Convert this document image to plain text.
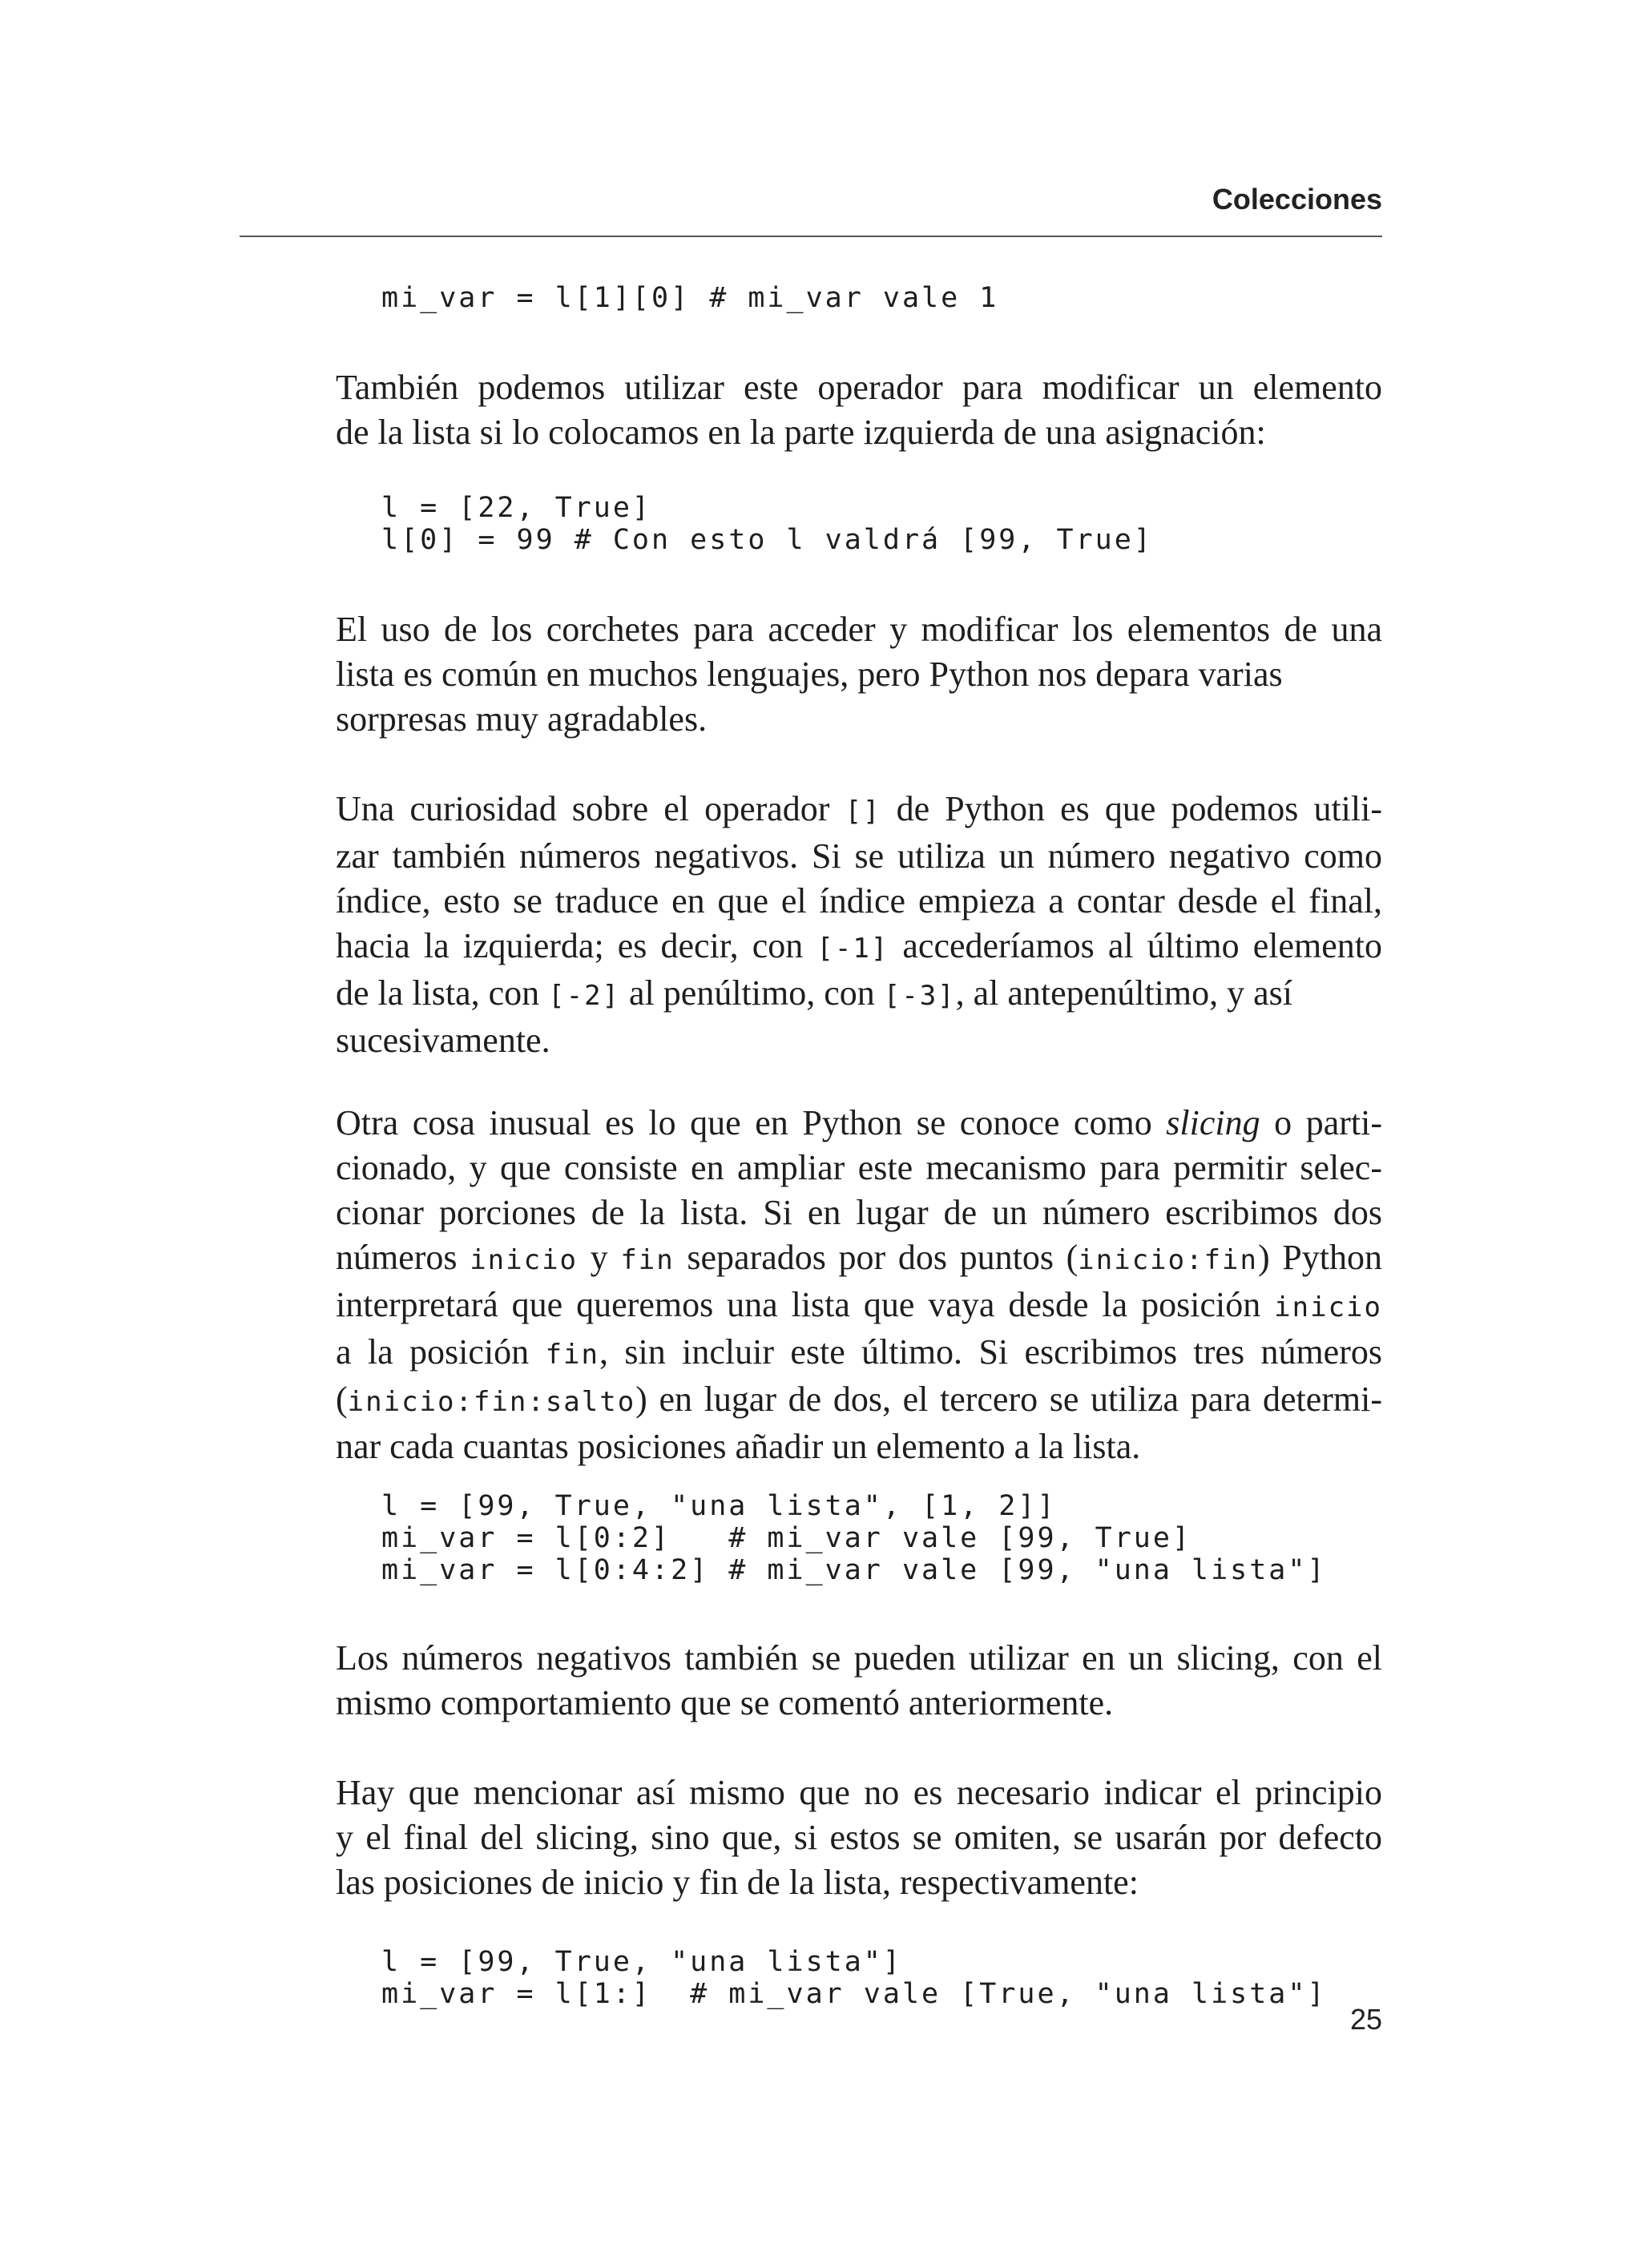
Colecciones
mi_var = l[1][0] # mi_var vale 1

También podemos utilizar este operador para modificar un elemento
de la lista si lo colocamos en la parte izquierda de una asignación:

l = [22, True]
l[0] = 99 # Con esto l valdrá [99, True]

El uso de los corchetes para acceder y modificar los elementos de una
lista es común en muchos lenguajes, pero Python nos depara varias
sorpresas muy agradables.

Una curiosidad sobre el operador [] de Python es que podemos utili-
zar también números negativos. Si se utiliza un número negativo como
índice, esto se traduce en que el índice empieza a contar desde el final,
hacia la izquierda; es decir, con [-1] accederíamos al último elemento
de la lista, con [-2] al penúltimo, con [-3], al antepenúltimo, y así
sucesivamente.

Otra cosa inusual es lo que en Python se conoce como slicing o parti-
cionado, y que consiste en ampliar este mecanismo para permitir selec-
cionar porciones de la lista. Si en lugar de un número escribimos dos
números inicio y fin separados por dos puntos (inicio:fin) Python
interpretará que queremos una lista que vaya desde la posición inicio
a la posición fin, sin incluir este último. Si escribimos tres números
(inicio:fin:salto) en lugar de dos, el tercero se utiliza para determi-
nar cada cuantas posiciones añadir un elemento a la lista.

l = [99, True, "una lista", [1, 2]]
mi_var = l[0:2]   # mi_var vale [99, True]
mi_var = l[0:4:2] # mi_var vale [99, "una lista"]

Los números negativos también se pueden utilizar en un slicing, con el
mismo comportamiento que se comentó anteriormente.

Hay que mencionar así mismo que no es necesario indicar el principio
y el final del slicing, sino que, si estos se omiten, se usarán por defecto
las posiciones de inicio y fin de la lista, respectivamente:

l = [99, True, "una lista"]
mi_var = l[1:]  # mi_var vale [True, "una lista"]

25
